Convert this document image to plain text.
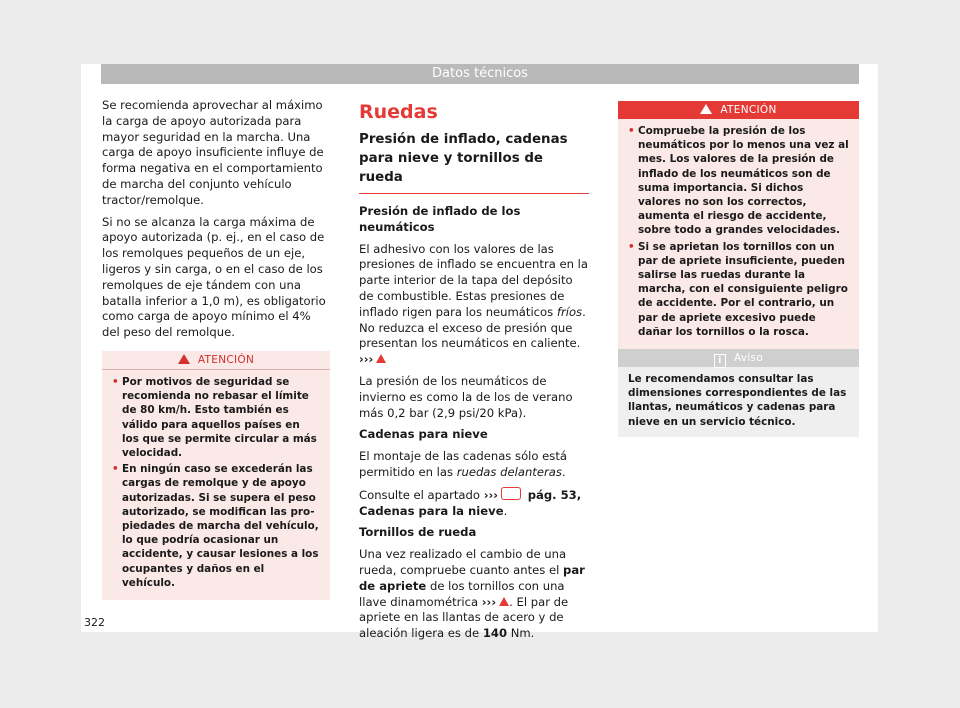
Datos técnicos

Se recomienda aprovechar al máximo la carga de apoyo autorizada para mayor seguridad en la marcha. Una carga de apoyo insuficiente influye de forma negativa en el comportamiento de marcha del conjunto vehículo tractor/remolque.

Si no se alcanza la carga máxima de apoyo autorizada (p. ej., en el caso de los remolques pequeños de un eje, ligeros y sin carga, o en el caso de los remolques de eje tándem con una batalla inferior a 1,0 m), es obligatorio como carga de apoyo mínimo el 4% del peso del remolque.

ATENCIÓN
• Por motivos de seguridad se recomienda no rebasar el límite de 80 km/h. Esto también es válido para aquellos países en los que se permite circular a más velocidad.
• En ningún caso se excederán las cargas de remolque y de apoyo autorizadas. Si se supera el peso autorizado, se modifican las propiedades de marcha del vehículo, lo que podría ocasionar un accidente, y causar lesiones a los ocupantes y daños en el vehículo.
Ruedas
Presión de inflado, cadenas para nieve y tornillos de rueda

Presión de inflado de los neumáticos

El adhesivo con los valores de las presiones de inflado se encuentra en la parte interior de la tapa del depósito de combustible. Estas presiones de inflado rigen para los neumáticos fríos. No reduzca el exceso de presión que presentan los neumáticos en caliente. ›››

La presión de los neumáticos de invierno es como la de los de verano más 0,2 bar (2,9 psi/20 kPa).

Cadenas para nieve

El montaje de las cadenas sólo está permitido en las ruedas delanteras.

Consulte el apartado ›››	pág. 53, Cadenas para la nieve.

Tornillos de rueda

Una vez realizado el cambio de una rueda, compruebe cuanto antes el par de apriete de los tornillos con una llave dinamométrica ››› . El par de apriete en las llantas de acero y de aleación ligera es de 140 Nm.

ATENCIÓN
• Compruebe la presión de los neumáticos por lo menos una vez al mes. Los valores de la presión de inflado de los neumáticos son de suma importancia. Si dichos valores no son los correctos, aumenta el riesgo de accidente, sobre todo a grandes velocidades.
• Si se aprietan los tornillos con un par de apriete insuficiente, pueden salirse las ruedas durante la marcha, con el consiguiente peligro de accidente. Por el contrario, un par de apriete excesivo puede dañar los tornillos o la rosca.
i Aviso
Le recomendamos consultar las dimensiones correspondientes de las llantas, neumáticos y cadenas para nieve en un servicio técnico.
322
